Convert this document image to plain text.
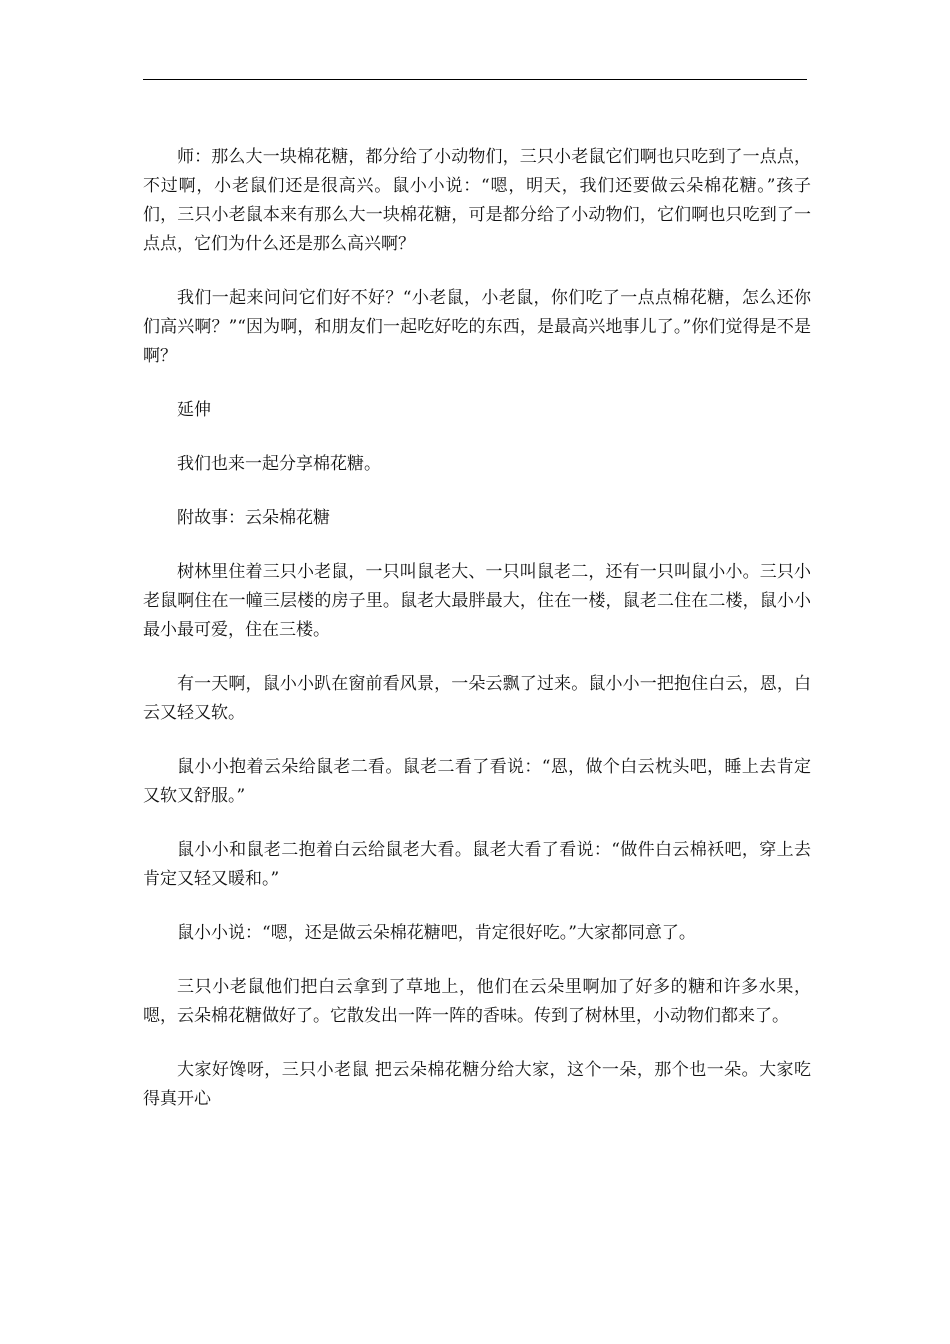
师：那么大一块棉花糖，都分给了小动物们，三只小老鼠它们啊也只吃到了一点点，不过啊，小老鼠们还是很高兴。鼠小小说：“嗯，明天，我们还要做云朵棉花糖。”孩子们，三只小老鼠本来有那么大一块棉花糖，可是都分给了小动物们，它们啊也只吃到了一点点，它们为什么还是那么高兴啊？

我们一起来问问它们好不好？“小老鼠，小老鼠，你们吃了一点点棉花糖，怎么还你们高兴啊？”“因为啊，和朋友们一起吃好吃的东西，是最高兴地事儿了。”你们觉得是不是啊？

延伸

我们也来一起分享棉花糖。

附故事：云朵棉花糖

树林里住着三只小老鼠，一只叫鼠老大、一只叫鼠老二，还有一只叫鼠小小。三只小老鼠啊住在一幢三层楼的房子里。鼠老大最胖最大，住在一楼，鼠老二住在二楼，鼠小小最小最可爱，住在三楼。

有一天啊，鼠小小趴在窗前看风景，一朵云飘了过来。鼠小小一把抱住白云，恩，白云又轻又软。

鼠小小抱着云朵给鼠老二看。鼠老二看了看说：“恩，做个白云枕头吧，睡上去肯定又软又舒服。”

鼠小小和鼠老二抱着白云给鼠老大看。鼠老大看了看说：“做件白云棉袄吧，穿上去肯定又轻又暖和。”

鼠小小说：“嗯，还是做云朵棉花糖吧，肯定很好吃。”大家都同意了。

三只小老鼠他们把白云拿到了草地上，他们在云朵里啊加了好多的糖和许多水果，嗯，云朵棉花糖做好了。它散发出一阵一阵的香味。传到了树林里，小动物们都来了。

大家好馋呀，三只小老鼠 把云朵棉花糖分给大家，这个一朵，那个也一朵。大家吃得真开心
